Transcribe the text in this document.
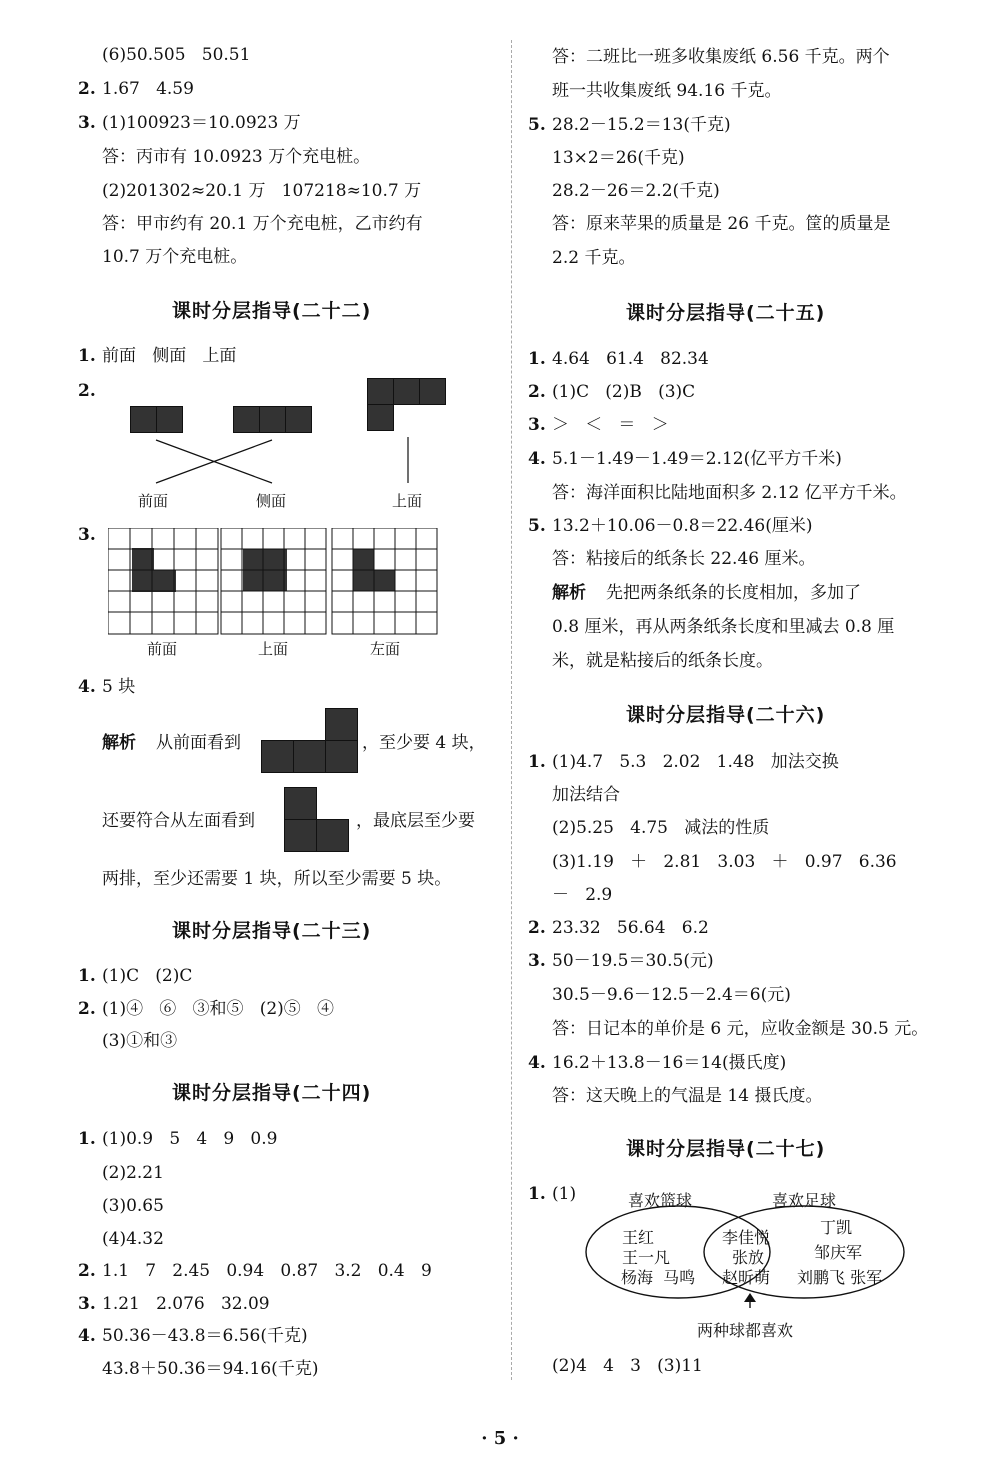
(6)50.505   50.51
2. 1.67   4.59
3. (1)100923＝10.0923 万
答：丙市有 10.0923 万个充电桩。
(2)201302≈20.1 万   107218≈10.7 万
答：甲市约有 20.1 万个充电桩，乙市约有
10.7 万个充电桩。
课时分层指导(二十二)
1. 前面   侧面   上面
2.
前面	侧面	上面
3.
前面	上面	左面
4. 5 块
解析 从前面看到	，至少要 4 块，
还要符合从左面看到	，最底层至少要
两排，至少还需要 1 块，所以至少需要 5 块。
课时分层指导(二十三)
1. (1)C   (2)C
2. (1)④   ⑥   ③和⑤   (2)⑤   ④
(3)①和③
课时分层指导(二十四)
1. (1)0.9   5   4   9   0.9
(2)2.21
(3)0.65
(4)4.32
2. 1.1   7   2.45   0.94   0.87   3.2   0.4   9
3. 1.21   2.076   32.09
4. 50.36－43.8＝6.56(千克)
43.8＋50.36＝94.16(千克)
答：二班比一班多收集废纸 6.56 千克。两个
班一共收集废纸 94.16 千克。
5. 28.2－15.2＝13(千克)
13×2＝26(千克)
28.2－26＝2.2(千克)
答：原来苹果的质量是 26 千克。筐的质量是
2.2 千克。
课时分层指导(二十五)
1. 4.64   61.4   82.34
2. (1)C   (2)B   (3)C
3. ＞   ＜   ＝   ＞
4. 5.1－1.49－1.49＝2.12(亿平方千米)
答：海洋面积比陆地面积多 2.12 亿平方千米。
5. 13.2＋10.06－0.8＝22.46(厘米)
答：粘接后的纸条长 22.46 厘米。
解析 先把两条纸条的长度相加，多加了
0.8 厘米，再从两条纸条长度和里减去 0.8 厘
米，就是粘接后的纸条长度。
课时分层指导(二十六)
1. (1)4.7   5.3   2.02   1.48   加法交换
加法结合
(2)5.25   4.75   减法的性质
(3)1.19   ＋   2.81   3.03   ＋   0.97   6.36
－   2.9
2. 23.32   56.64   6.2
3. 50－19.5＝30.5(元)
30.5－9.6－12.5－2.4＝6(元)
答：日记本的单价是 6 元，应收金额是 30.5 元。
4. 16.2＋13.8－16＝14(摄氏度)
答：这天晚上的气温是 14 摄氏度。
课时分层指导(二十七)
1. (1)	喜欢篮球	喜欢足球
王红
王一凡
杨海  马鸣
李佳悦
张放
赵昕萌
丁凯
邹庆军
刘鹏飞 张军
两种球都喜欢
(2)4   4   3   (3)11
· 5 ·
